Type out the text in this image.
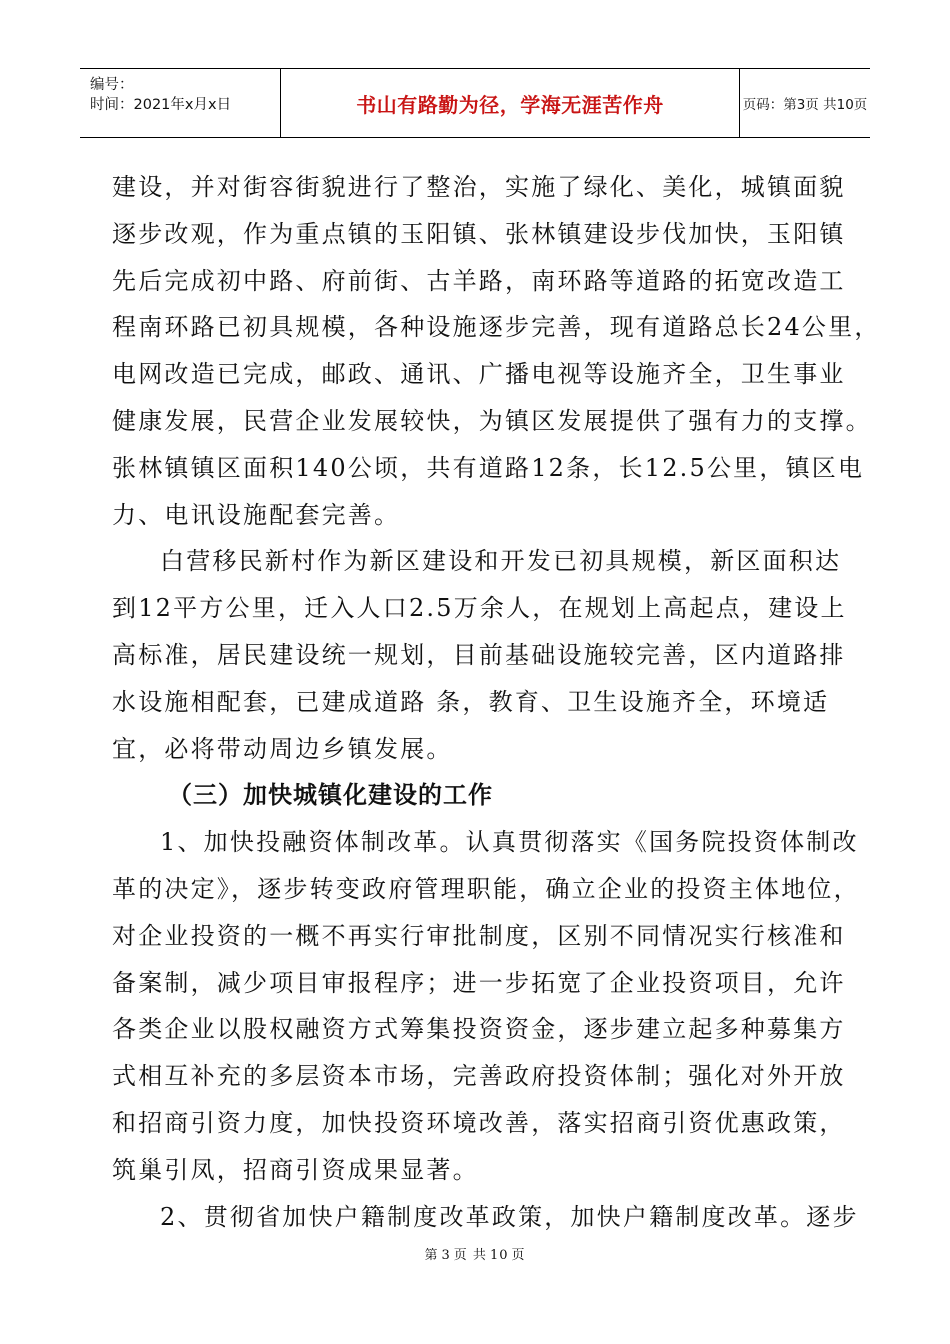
编号：
时间：2021年x月x日	书山有路勤为径，学海无涯苦作舟	页码：第3页 共10页
建设，并对街容街貌进行了整治，实施了绿化、美化，城镇面貌
逐步改观，作为重点镇的玉阳镇、张林镇建设步伐加快，玉阳镇
先后完成初中路、府前街、古羊路，南环路等道路的拓宽改造工
程南环路已初具规模，各种设施逐步完善，现有道路总长24公里，
电网改造已完成，邮政、通讯、广播电视等设施齐全，卫生事业
健康发展，民营企业发展较快，为镇区发展提供了强有力的支撑。
张林镇镇区面积140公顷，共有道路12条，长12.5公里，镇区电
力、电讯设施配套完善。
白营移民新村作为新区建设和开发已初具规模，新区面积达
到12平方公里，迁入人口2.5万余人，在规划上高起点，建设上
高标准，居民建设统一规划，目前基础设施较完善，区内道路排
水设施相配套，已建成道路 条，教育、卫生设施齐全，环境适
宜，必将带动周边乡镇发展。
（三）加快城镇化建设的工作
1、加快投融资体制改革。认真贯彻落实《国务院投资体制改
革的决定》，逐步转变政府管理职能，确立企业的投资主体地位，
对企业投资的一概不再实行审批制度，区别不同情况实行核准和
备案制，减少项目审报程序；进一步拓宽了企业投资项目，允许
各类企业以股权融资方式筹集投资资金，逐步建立起多种募集方
式相互补充的多层资本市场，完善政府投资体制；强化对外开放
和招商引资力度，加快投资环境改善，落实招商引资优惠政策，
筑巢引凤，招商引资成果显著。
2、贯彻省加快户籍制度改革政策，加快户籍制度改革。逐步
第 3 页 共 10 页
